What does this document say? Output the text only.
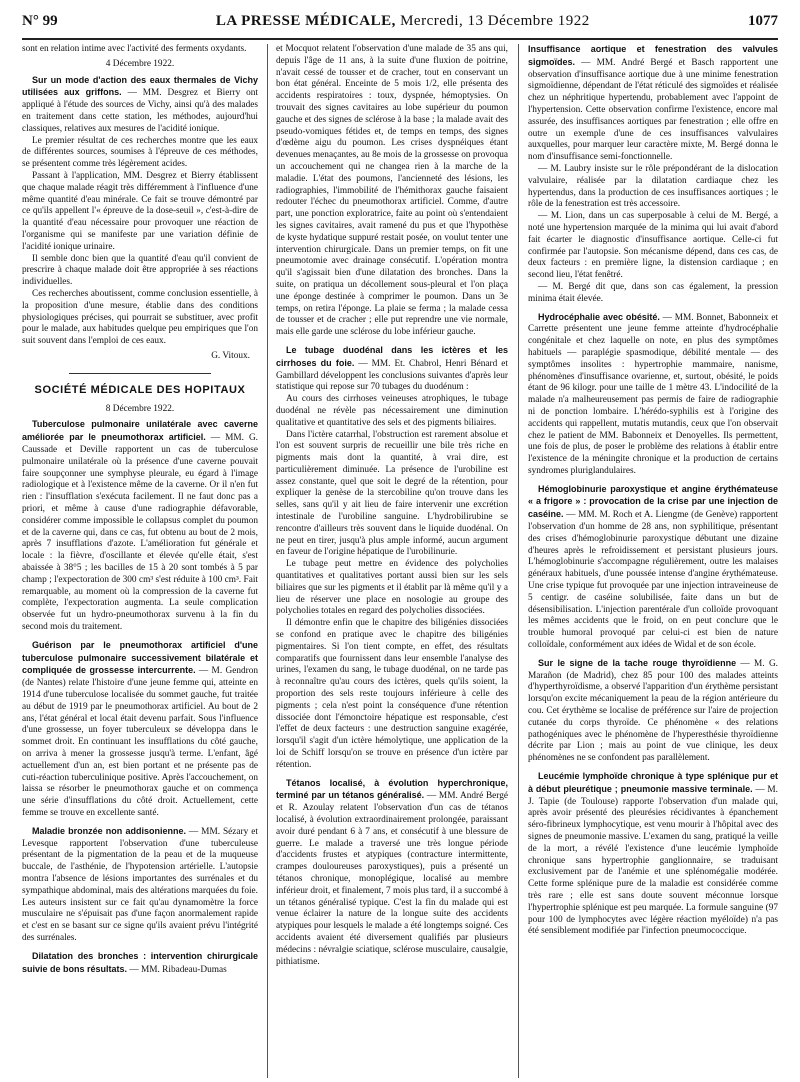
N° 99	LA PRESSE MÉDICALE, Mercredi, 13 Décembre 1922	1077

sont en relation intime avec l'activité des ferments oxydants.

4 Décembre 1922.

Sur un mode d'action des eaux thermales de Vichy utilisées aux griffons. — MM. Desgrez et Bierry ont appliqué à l'étude des sources de Vichy, ainsi qu'à des malades en traitement dans cette station, les méthodes, aujourd'hui classiques, relatives aux mesures de l'acidité ionique.

Le premier résultat de ces recherches montre que les eaux de différentes sources, soumises à l'épreuve de ces méthodes, se présentent comme très légèrement acides.

Passant à l'application, MM. Desgrez et Bierry établissent que chaque malade réagit très différemment à l'influence d'une même quantité d'eau minérale. Ce fait se trouve démontré par ce qu'ils appellent l'« épreuve de la dose-seuil », c'est-à-dire de la quantité d'eau nécessaire pour provoquer une réaction de l'organisme qui se manifeste par une variation définie de l'acidité ionique urinaire.

Il semble donc bien que la quantité d'eau qu'il convient de prescrire à chaque malade doit être appropriée à ses réactions individuelles.

Ces recherches aboutissent, comme conclusion essentielle, à la proposition d'une mesure, établie dans des conditions physiologiques précises, qui pourrait se substituer, avec profit pour le malade, aux habitudes quelque peu empiriques que l'on suit souvent dans l'emploi de ces eaux.

G. Vitoux.
SOCIÉTÉ MÉDICALE DES HOPITAUX
8 Décembre 1922.

Tuberculose pulmonaire unilatérale avec caverne améliorée par le pneumothorax artificiel. — MM. G. Caussade et Deville rapportent un cas de tuberculose pulmonaire unilatérale où la présence d'une caverne pouvait faire soupçonner une symphyse pleurale, eu égard à l'image radiologique et à l'existence même de la caverne. Or il n'en fut rien : l'insufflation s'exécuta facilement. Il ne faut donc pas a priori, et même à cause d'une radiographie défavorable, considérer comme impossible le collapsus complet du poumon et de la caverne qui, dans ce cas, fut obtenu au bout de 2 mois, après 7 insufflations d'azote. L'amélioration fut générale et locale : la fièvre, d'oscillante et élevée qu'elle était, s'est abaissée à 38°5 ; les bacilles de 15 à 20 sont tombés à 5 par champ ; l'expectoration de 300 cm³ s'est réduite à 100 cm³. Fait remarquable, au moment où la compression de la caverne fut complète, l'expectoration augmenta. La seule complication observée fut un hydro-pneumothorax survenu à la fin du second mois du traitement.

Guérison par le pneumothorax artificiel d'une tuberculose pulmonaire successivement bilatérale et compliquée de grossesse intercurrente. — M. Gendron (de Nantes) relate l'histoire d'une jeune femme qui, atteinte en 1914 d'une tuberculose localisée du sommet gauche, fut traitée au début de 1919 par le pneumothorax artificiel. Au bout de 2 ans, l'état général et local était devenu parfait. Sous l'influence d'une grossesse, un foyer tuberculeux se développa dans le sommet droit. En continuant les insufflations du côté gauche, on arriva à mener la grossesse jusqu'à terme. L'enfant, âgé actuellement d'un an, est bien portant et ne présente pas de cuti-réaction tuberculinique positive. Après l'accouchement, on laissa se résorber le pneumothorax gauche et on commença une série d'insufflations du côté droit. Actuellement, cette femme se trouve en excellente santé.

Maladie bronzée non addisonienne. — MM. Sézary et Levesque rapportent l'observation d'une tuberculeuse présentant de la pigmentation de la peau et de la muqueuse buccale, de l'asthénie, de l'hypotension artérielle. L'autopsie montra l'absence de lésions importantes des surrénales et du sympathique abdominal, mais des altérations marquées du foie. Les auteurs insistent sur ce fait qu'au dynamomètre la force musculaire ne s'épuisait pas d'une façon anormalement rapide et c'est en se basant sur ce signe qu'ils avaient prévu l'intégrité des surrénales.

Dilatation des bronches : intervention chirurgicale suivie de bons résultats. — MM. Ribadeau-Dumas

et Mocquot relatent l'observation d'une malade de 35 ans qui, depuis l'âge de 11 ans, à la suite d'une fluxion de poitrine, n'avait cessé de tousser et de cracher, tout en conservant un bon état général. Enceinte de 5 mois 1/2, elle présenta des accidents respiratoires : toux, dyspnée, hémoptysies. On trouvait des signes cavitaires au lobe supérieur du poumon gauche et des signes de sclérose à la base ; la malade avait des pseudo-vomiques fétides et, de temps en temps, des signes d'œdème aigu du poumon. Les crises dyspnéiques étant devenues menaçantes, au 8e mois de la grossesse on provoqua un accouchement qui ne changea rien à la marche de la maladie. L'état des poumons, l'ancienneté des lésions, les radiographies, l'immobilité de l'hémithorax gauche faisaient redouter l'échec du pneumothorax artificiel. Comme, d'autre part, une ponction exploratrice, faite au point où s'entendaient les signes cavitaires, avait ramené du pus et que l'hypothèse de kyste hydatique suppuré restait posée, on voulut tenter une intervention chirurgicale. Dans un premier temps, on fit une pneumotomie avec drainage consécutif. L'opération montra qu'il s'agissait bien d'une dilatation des bronches. Dans la suite, on pratiqua un décollement sous-pleural et l'on plaça une éponge destinée à comprimer le poumon. Dans un 3e temps, on retira l'éponge. La plaie se ferma ; la malade cessa de tousser et de cracher ; elle put reprendre une vie normale, mais elle garde une sclérose du lobe inférieur gauche.

Le tubage duodénal dans les ictères et les cirrhoses du foie. — MM. Et. Chabrol, Henri Bénard et Gambillard développent les conclusions suivantes d'après leur statistique qui repose sur 70 tubages du duodénum :

Au cours des cirrhoses veineuses atrophiques, le tubage duodénal ne révèle pas nécessairement une diminution qualitative et quantitative des sels et des pigments biliaires.

Dans l'ictère catarrhal, l'obstruction est rarement absolue et l'on est souvent surpris de recueillir une bile très riche en pigments mais dont la quantité, à vrai dire, est particulièrement diminuée. La présence de l'urobiline est assez constante, quel que soit le degré de la rétention, pour expliquer la genèse de la stercobiline qu'on trouve dans les selles, sans qu'il y ait lieu de faire intervenir une excrétion intestinale de l'urobiline sanguine. L'hydrobilirubine se rencontre d'ailleurs très souvent dans le liquide duodénal. On ne peut en tirer, jusqu'à plus ample informé, aucun argument en faveur de l'origine hépatique de l'urobilinurie.

Le tubage peut mettre en évidence des polycholies quantitatives et qualitatives portant aussi bien sur les sels biliaires que sur les pigments et il établit par là même qu'il y a lieu de réserver une place en nosologie au groupe des polycholies totales en regard des polycholies dissociées.

Il démontre enfin que le chapitre des biligénies dissociées se confond en pratique avec le chapitre des biligénies pigmentaires. Si l'on tient compte, en effet, des résultats comparatifs que fournissent dans leur ensemble l'analyse des urines, l'examen du sang, le tubage duodénal, on ne tarde pas à reconnaître qu'au cours des ictères, quels qu'ils soient, la proportion des sels reste toujours inférieure à celle des pigments ; cela n'est point la conséquence d'une rétention dissociée dont l'émonctoire hépatique est responsable, c'est l'effet de deux facteurs : une destruction sanguine exagérée, lorsqu'il s'agit d'un ictère hémolytique, une application de la loi de Schiff lorsqu'on se trouve en présence d'un ictère par rétention.

Tétanos localisé, à évolution hyperchronique, terminé par un tétanos généralisé. — MM. André Bergé et R. Azoulay relatent l'observation d'un cas de tétanos localisé, à évolution extraordinairement prolongée, paraissant avoir duré pendant 6 à 7 ans, et consécutif à une blessure de guerre. Le malade a traversé une très longue période d'accidents frustes et atypiques (contracture intermittente, crampes douloureuses paroxystiques), puis a présenté un tétanos chronique, monoplégique, localisé au membre inférieur droit, et finalement, 7 mois plus tard, il a succombé à un tétanos généralisé typique. C'est la fin du malade qui est venue éclairer la nature de la longue suite des accidents atypiques pour lesquels le malade a été longtemps soigné. Ces accidents avaient été diversement qualifiés par plusieurs médecins : névralgie sciatique, sclérose musculaire, causalgie, pithiatisme.

Insuffisance aortique et fenestration des valvules sigmoïdes. — MM. André Bergé et Basch rapportent une observation d'insuffisance aortique due à une minime fenestration sigmoïdienne, dépendant de l'état réticulé des sigmoïdes et réalisée chez un néphritique hypertendu, probablement avec l'appoint de l'hypertension. Cette observation confirme l'existence, encore mal assurée, des insuffisances aortiques par fenestration ; elle offre en outre un exemple d'une de ces insuffisances valvulaires auxquelles, pour marquer leur caractère mixte, M. Bergé donna le nom d'insuffisance semi-fonctionnelle.

— M. Laubry insiste sur le rôle prépondérant de la dislocation valvulaire, réalisée par la dilatation cardiaque chez les hypertendus, dans la production de ces insuffisances aortiques ; le rôle de la fenestration est très accessoire.

— M. Lion, dans un cas superposable à celui de M. Bergé, a noté une hypertension marquée de la minima qui lui avait d'abord fait écarter le diagnostic d'insuffisance aortique. Celle-ci fut confirmée par l'autopsie. Son mécanisme dépend, dans ces cas, de deux facteurs : en première ligne, la distension cardiaque ; en second lieu, l'état fenêtré.

— M. Bergé dit que, dans son cas également, la pression minima était élevée.

Hydrocéphalie avec obésité. — MM. Bonnet, Babonneix et Carrette présentent une jeune femme atteinte d'hydrocéphalie congénitale et chez laquelle on note, en plus des symptômes habituels — paraplégie spasmodique, débilité mentale — des symptômes insolites : hypertrophie mammaire, nanisme, phénomènes d'insuffisance ovarienne, et, surtout, obésité, le poids étant de 96 kilogr. pour une taille de 1 mètre 43. L'indocilité de la malade n'a malheureusement pas permis de faire de radiographie ni de ponction lombaire. L'hérédo-syphilis est à l'origine des accidents qui rappellent, mutatis mutandis, ceux que l'on observait chez le patient de MM. Babonneix et Denoyelles. Ils permettent, une fois de plus, de poser le problème des relations à établir entre l'existence de la méningite chronique et la production de certains syndromes pluriglandulaires.

Hémoglobinurie paroxystique et angine érythémateuse « a frigore » : provocation de la crise par une injection de caséine. — MM. M. Roch et A. Liengme (de Genève) rapportent l'observation d'un homme de 28 ans, non syphilitique, présentant des crises d'hémoglobinurie paroxystique débutant une dizaine d'heures après le refroidissement et persistant plusieurs jours. L'hémoglobinurie s'accompagne régulièrement, outre les malaises généraux habituels, d'une poussée intense d'angine érythémateuse. Une crise typique fut provoquée par une injection intraveineuse de 5 centigr. de caséine solubilisée, faite dans un but de désensibilisation. L'injection parentérale d'un colloïde provoquant les mêmes accidents que le froid, on en peut conclure que le trouble humoral provoqué par celui-ci est bien de nature colloïdale, conformément aux idées de Widal et de son école.

Sur le signe de la tache rouge thyroïdienne — M. G. Marañon (de Madrid), chez 85 pour 100 des malades atteints d'hyperthyroïdisme, a observé l'apparition d'un érythème persistant lorsqu'on excite mécaniquement la peau de la région antérieure du cou. Cet érythème se localise de préférence sur l'aire de projection cutanée du corps thyroïde. Ce phénomène « des relations pathogéniques avec le phénomène de l'hyperesthésie thyroïdienne décrite par Lion ; mais au point de vue clinique, les deux phénomènes ne se confondent pas parallèlement.

Leucémie lymphoïde chronique à type splénique pur et à début pleurétique ; pneumonie massive terminale. — M. J. Tapie (de Toulouse) rapporte l'observation d'un malade qui, après avoir présenté des pleurésies récidivantes à épanchement séro-fibrineux lymphocytique, est venu mourir à l'hôpital avec des signes de pneumonie massive. L'examen du sang, pratiqué la veille de la mort, a révélé l'existence d'une leucémie lymphoïde chronique sans hypertrophie ganglionnaire, se traduisant exclusivement par de l'anémie et une splénomégalie modérée. Cette forme splénique pure de la maladie est considérée comme très rare ; elle est sans doute souvent méconnue lorsque l'hypertrophie splénique est peu marquée. La formule sanguine (97 pour 100 de lymphocytes avec légère réaction myéloïde) n'a pas été sensiblement modifiée par l'infection pneumococcique.
